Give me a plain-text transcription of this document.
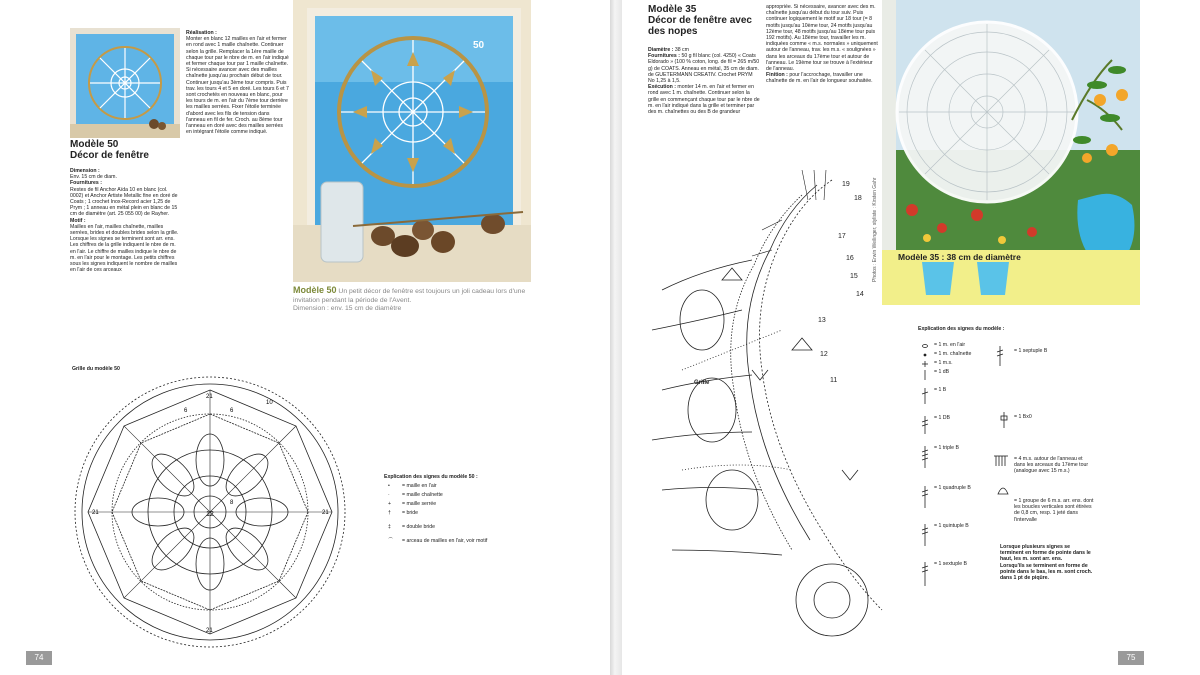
Modèle 50
Décor de fenêtre
Dimension :
Env. 15 cm de diam.
Fournitures :
Restes de fil Anchor Aïda 10 en blanc (col. 0002) et Anchor Artiste Metallic fine en doré de Coats ; 1 crochet Inox-Record acier 1,25 de Prym ; 1 anneau en métal plein en blanc de 15 cm de diamètre (art. 25 055 00) de Rayher.
Motif :
Mailles en l'air, mailles chaînette, mailles serrées, brides et doubles brides selon la grille. Lorsque les signes se terminent sont arr. ens. Les chiffres de la grille indiquent le nbre de m. en l'air. Le chiffre de mailles indique le nbre de m. en l'air pour le montage. Les petits chiffres sous les signes indiquent le nombre de mailles en l'air de ces arceaux
Réalisation :
Monter en blanc 12 mailles en l'air et fermer en rond avec 1 maille chaînette. Continuer selon la grille. Remplacer la 1ère maille de chaque tour par le nbre de m. en l'air indiqué et fermer chaque tour par 1 maille chaînette. Si nécessaire avancer avec des mailles chaînette jusqu'au prochain début de tour. Continuer jusqu'au 3ème tour compris. Puis trav. les tours 4 et 5 en doré. Les tours 6 et 7 sont crochetés en nouveau en blanc, pour les tours de m. en l'air du 7ème tour derrière les mailles serrées. Fixer l'étoile terminée d'abord avec les fils de tension dans l'anneau en fil de fer. Croch. au 8ème tour l'anneau en doré avec des mailles serrées en intégrant l'étoile comme indiqué.
50
Modèle 50 Un petit décor de fenêtre est toujours un joli cadeau lors d'une invitation pendant la période de l'Avent.
Dimension : env. 15 cm de diamètre
Grille du modèle 50
12
10
21
21
21	21
6
6
8
Explication des signes du modèle 50 :
• = maille en l'air
· = maille chaînette
+ = maille serrée
† = bride
‡ = double bride
⌒ = arceau de mailles en l'air, voir motif
74
Modèle 35
Décor de fenêtre avec des nopes
Diamètre : 38 cm
Fournitures : 50 g fil blanc (col. 4250) « Coats Eldorado » (100 % coton, long. de fil = 265 m/50 g) de COATS. Anneau en métal, 35 cm de diam. de GUETERMANN CREATIV. Crochet PRYM No 1,25 à 1,5.
Exécution : monter 14 m. en l'air et fermer en rond avec 1 m. chaînette. Continuer selon la grille en commençant chaque tour par le nbre de m. en l'air indiqué dans la grille et terminer par des m. chaînettes ou des B de grandeur
appropriée. Si nécessaire, avancer avec des m. chaînette jusqu'au début du tour suiv. Puis continuer logiquement le motif sur 18 tour (= 8 motifs jusqu'au 10ème tour, 24 motifs jusqu'au 12ème tour, 48 motifs jusqu'au 18ème tour puis 192 motifs). Au 18ème tour, travailler les m. indiquées comme « m.s. normales » uniquement autour de l'anneau, trav. les m.s. « soulignées » dans les arceaux du 17ème tour et autour de l'anneau. Le 19ème tour se trouve à l'extérieur de l'anneau.
Finition : pour l'accrochage, travailler une chaînette de m. en l'air de longueur souhaitée.
Modèle 35 : 38 cm de diamètre
Photos : Erwin Weilinger, styliste : Kirsten Gahr
Grille
19
18
17
16
15
14
13
12
11
Explication des signes du modèle :
= 1 m. en l'air
= 1 m. chaînette
= 1 m.s.
= 1 dB
= 1 B
= 1 DB
= 1 triple B
= 1 quadruple B
= 1 quintuple B
= 1 sextuple B
= 1 septuple B
= 1 Bx0
= 4 m.s. autour de l'anneau et dans les arceaux du 17ème tour (analogue avec 15 m.s.)
= 1 groupe de 6 m.s. arr. ens. dont les boucles verticales sont étirées de 0,8 cm, resp. 1 jeté dans l'intervalle
Lorsque plusieurs signes se terminent en forme de pointe dans le haut, les m. sont arr. ens.
Lorsqu'ils se terminent en forme de pointe dans le bas, les m. sont croch. dans 1 pt de piqûre.
75
